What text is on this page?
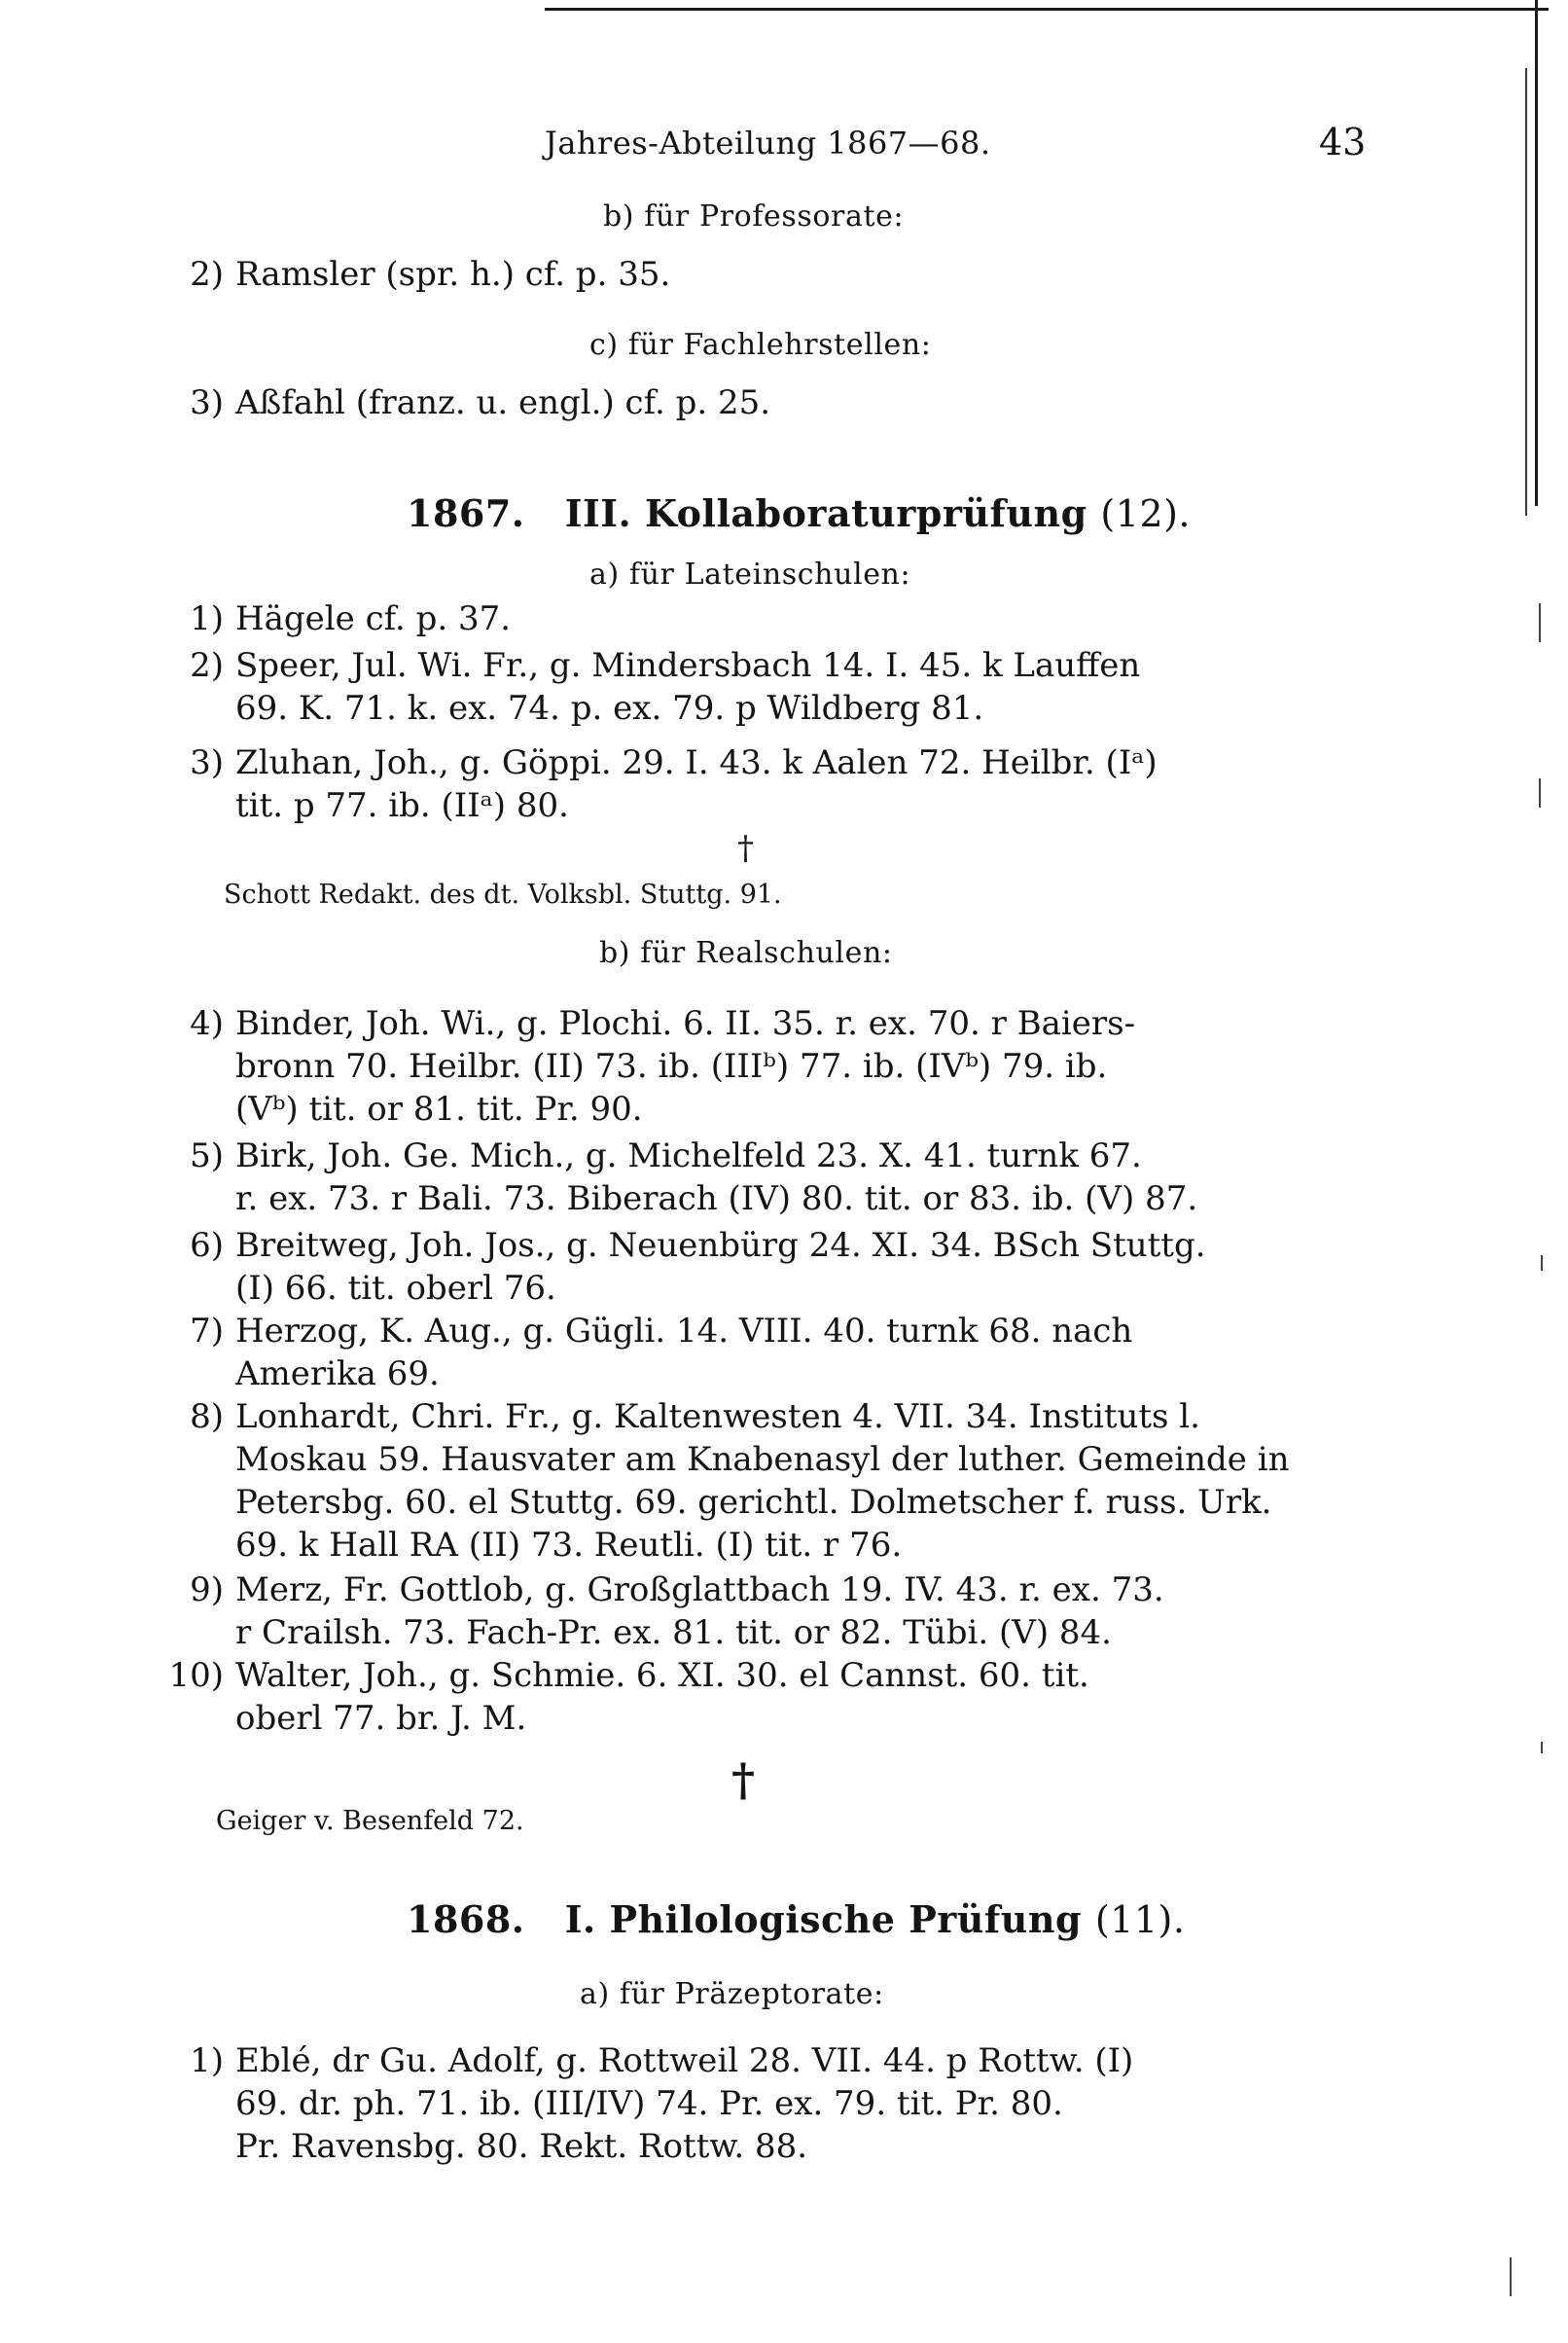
Jahres-Abteilung 1867—68.	43
b) für Professorate:
2) Ramsler (spr. h.) cf. p. 35.
c) für Fachlehrstellen:
3) Aßfahl (franz. u. engl.) cf. p. 25.
1867. III. Kollaboraturprüfung (12).
a) für Lateinschulen:
1) Hägele cf. p. 37.
2) Speer, Jul. Wi. Fr., g. Mindersbach 14. I. 45. k Lauffen
69. K. 71. k. ex. 74. p. ex. 79. p Wildberg 81.
3) Zluhan, Joh., g. Göppi. 29. I. 43. k Aalen 72. Heilbr. (Iᵃ)
tit. p 77. ib. (IIᵃ) 80.
†
Schott Redakt. des dt. Volksbl. Stuttg. 91.
b) für Realschulen:
4) Binder, Joh. Wi., g. Plochi. 6. II. 35. r. ex. 70. r Baiers-
bronn 70. Heilbr. (II) 73. ib. (IIIᵇ) 77. ib. (IVᵇ) 79. ib.
(Vᵇ) tit. or 81. tit. Pr. 90.
5) Birk, Joh. Ge. Mich., g. Michelfeld 23. X. 41. turnk 67.
r. ex. 73. r Bali. 73. Biberach (IV) 80. tit. or 83. ib. (V) 87.
6) Breitweg, Joh. Jos., g. Neuenbürg 24. XI. 34. BSch Stuttg.
(I) 66. tit. oberl 76.
7) Herzog, K. Aug., g. Gügli. 14. VIII. 40. turnk 68. nach
Amerika 69.
8) Lonhardt, Chri. Fr., g. Kaltenwesten 4. VII. 34. Instituts l.
Moskau 59. Hausvater am Knabenasyl der luther. Gemeinde in
Petersbg. 60. el Stuttg. 69. gerichtl. Dolmetscher f. russ. Urk.
69. k Hall RA (II) 73. Reutli. (I) tit. r 76.
9) Merz, Fr. Gottlob, g. Großglattbach 19. IV. 43. r. ex. 73.
r Crailsh. 73. Fach-Pr. ex. 81. tit. or 82. Tübi. (V) 84.
10) Walter, Joh., g. Schmie. 6. XI. 30. el Cannst. 60. tit.
oberl 77. br. J. M.
†
Geiger v. Besenfeld 72.
1868. I. Philologische Prüfung (11).
a) für Präzeptorate:
1) Eblé, dr Gu. Adolf, g. Rottweil 28. VII. 44. p Rottw. (I)
69. dr. ph. 71. ib. (III/IV) 74. Pr. ex. 79. tit. Pr. 80.
Pr. Ravensbg. 80. Rekt. Rottw. 88.
